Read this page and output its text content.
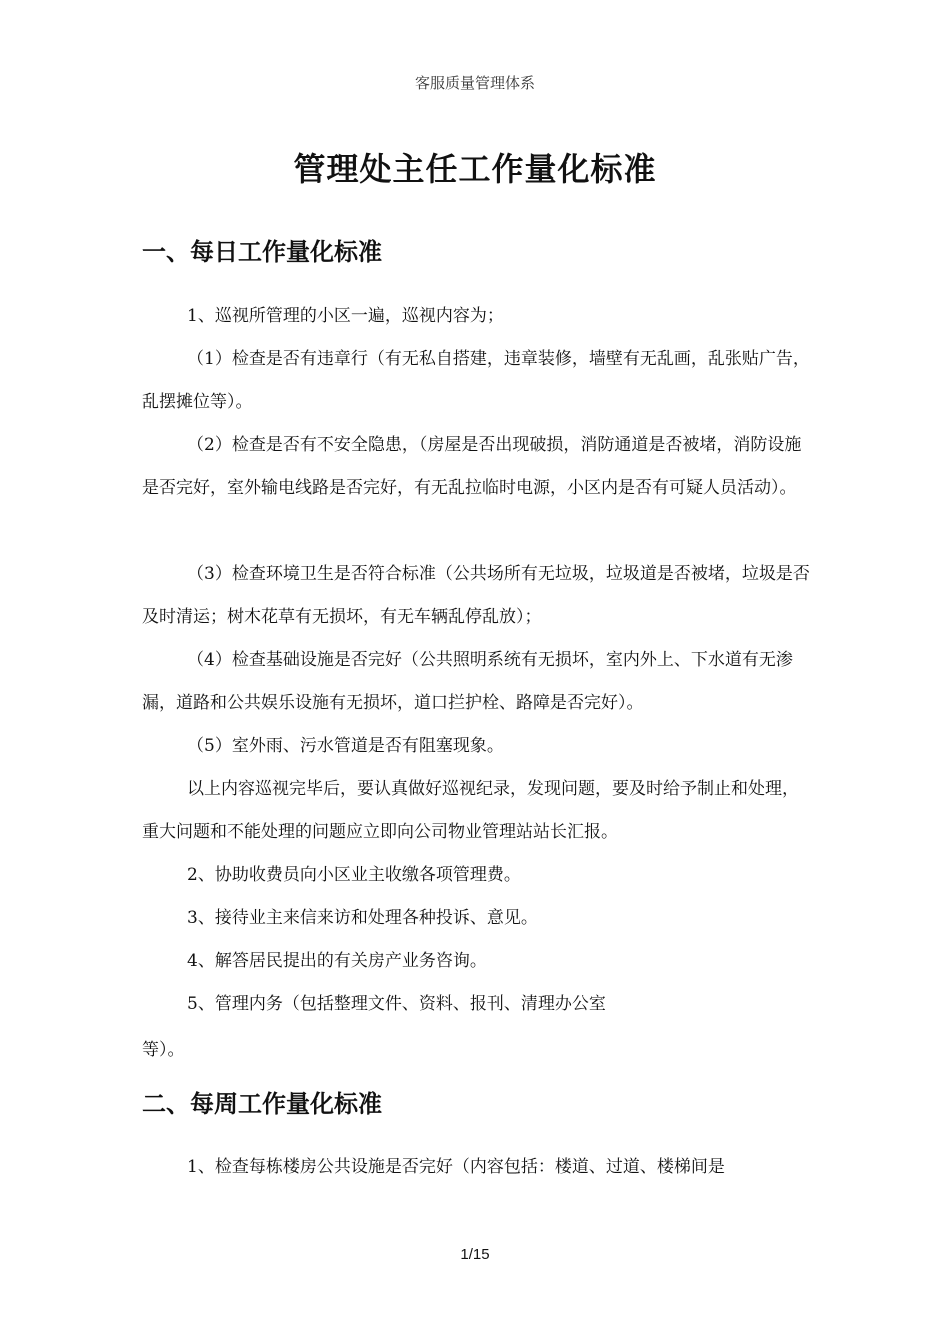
客服质量管理体系
管理处主任工作量化标准
一、每日工作量化标准
1、巡视所管理的小区一遍，巡视内容为；
（1）检查是否有违章行（有无私自搭建，违章装修，墙壁有无乱画，乱张贴广告，乱摆摊位等）。
（2）检查是否有不安全隐患，（房屋是否出现破损，消防通道是否被堵，消防设施是否完好，室外输电线路是否完好，有无乱拉临时电源，小区内是否有可疑人员活动）。
（3）检查环境卫生是否符合标准（公共场所有无垃圾，垃圾道是否被堵，垃圾是否及时清运；树木花草有无损坏，有无车辆乱停乱放）；
（4）检查基础设施是否完好（公共照明系统有无损坏，室内外上、下水道有无渗漏，道路和公共娱乐设施有无损坏，道口拦护栓、路障是否完好）。
（5）室外雨、污水管道是否有阻塞现象。
以上内容巡视完毕后，要认真做好巡视纪录，发现问题，要及时给予制止和处理，重大问题和不能处理的问题应立即向公司物业管理站站长汇报。
2、协助收费员向小区业主收缴各项管理费。
3、接待业主来信来访和处理各种投诉、意见。
4、解答居民提出的有关房产业务咨询。
5、管理内务（包括整理文件、资料、报刊、清理办公室
等）。
二、每周工作量化标准
1、检查每栋楼房公共设施是否完好（内容包括：楼道、过道、楼梯间是
1/15
